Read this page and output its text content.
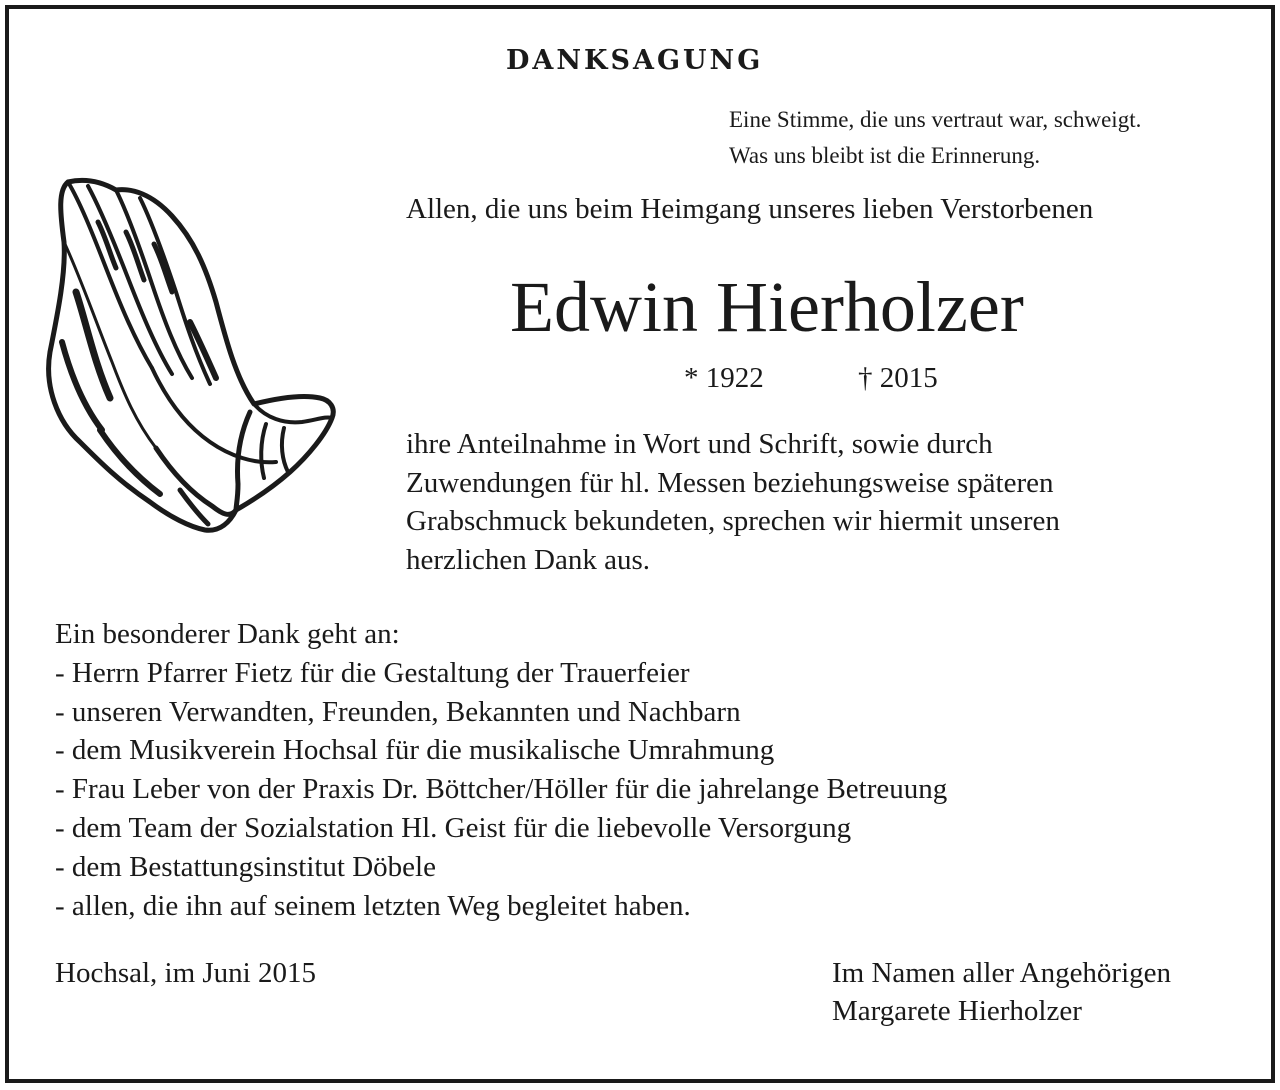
DANKSAGUNG
Eine Stimme, die uns vertraut war, schweigt.
Was uns bleibt ist die Erinnerung.
Allen, die uns beim Heimgang unseres lieben Verstorbenen
Edwin Hierholzer
* 1922	† 2015
ihre Anteilnahme in Wort und Schrift, sowie durch
Zuwendungen für hl. Messen beziehungsweise späteren
Grabschmuck bekundeten, sprechen wir hiermit unseren
herzlichen Dank aus.
Ein besonderer Dank geht an:
- Herrn Pfarrer Fietz für die Gestaltung der Trauerfeier
- unseren Verwandten, Freunden, Bekannten und Nachbarn
- dem Musikverein Hochsal für die musikalische Umrahmung
- Frau Leber von der Praxis Dr. Böttcher/Höller für die jahrelange Betreuung
- dem Team der Sozialstation Hl. Geist für die liebevolle Versorgung
- dem Bestattungsinstitut Döbele
- allen, die ihn auf seinem letzten Weg begleitet haben.
Hochsal, im Juni 2015	Im Namen aller Angehörigen
Margarete Hierholzer
